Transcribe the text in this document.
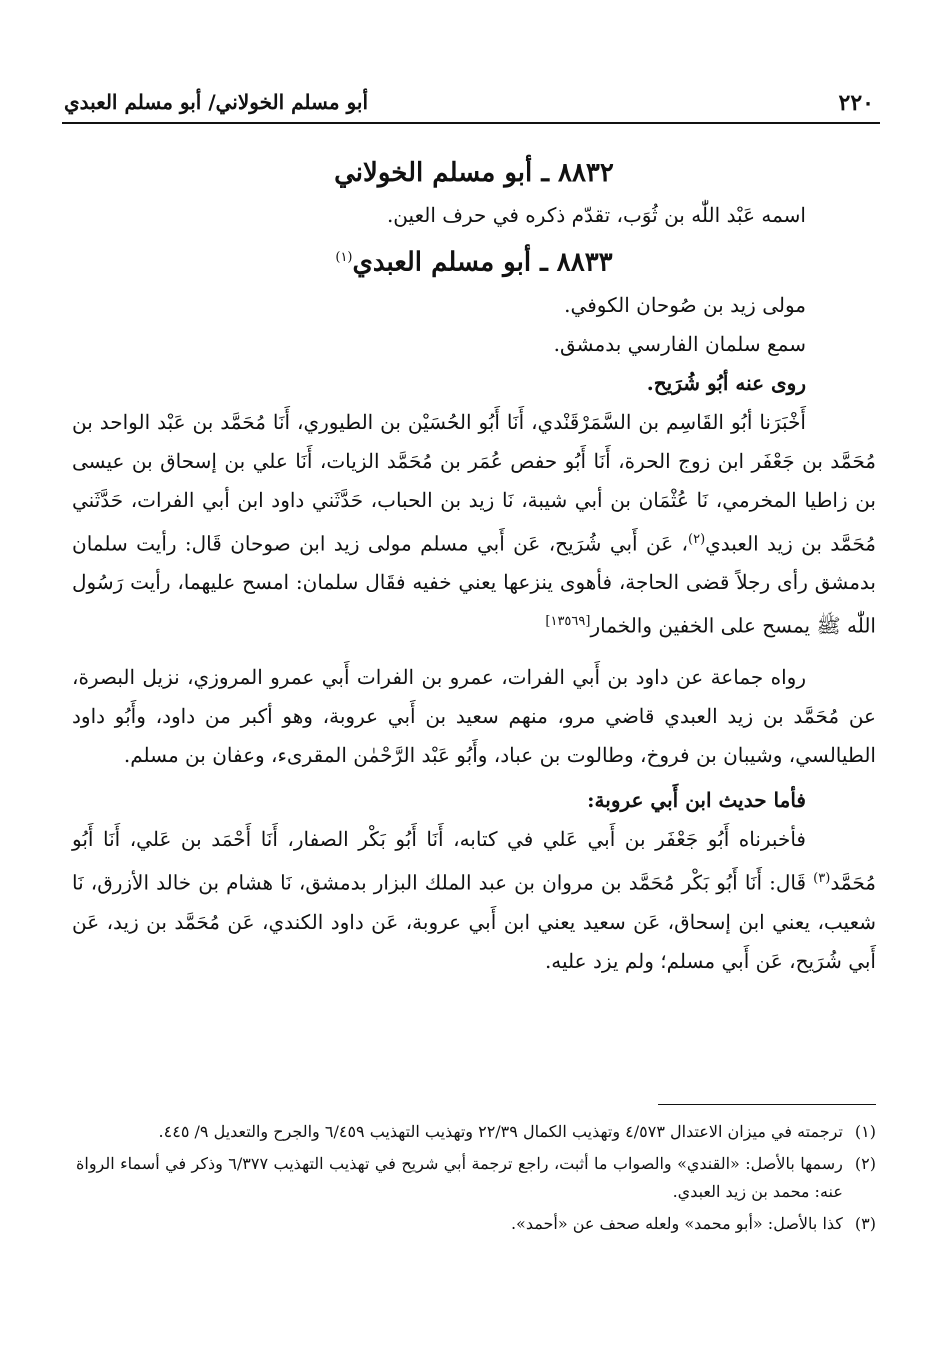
٢٢٠
أبو مسلم الخولاني/ أبو مسلم العبدي

٨٨٣٢ ـ أبو مسلم الخولاني

اسمه عَبْد اللّٰه بن ثُوَب، تقدّم ذكره في حرف العين.

٨٨٣٣ ـ أبو مسلم العبدي$^{(١)}$

مولى زيد بن صُوحان الكوفي.

سمع سلمان الفارسي بدمشق.

روى عنه أبُو شُرَيح.

أَخْبَرَنا أبُو القَاسِم بن السَّمَرْقَنْدي، أَنَا أَبُو الحُسَيْن بن الطيوري، أَنَا مُحَمَّد بن عَبْد الواحد بن مُحَمَّد بن جَعْفَر ابن زوج الحرة، أَنَا أَبُو حفص عُمَر بن مُحَمَّد الزيات، أَنَا علي بن إسحاق بن عيسى بن زاطيا المخرمي، نَا عُثْمَان بن أبي شيبة، نَا زيد بن الحباب، حَدَّثَني داود ابن أبي الفرات، حَدَّثَني مُحَمَّد بن زيد العبدي$^{(٢)}$، عَن أَبي شُرَيح، عَن أَبي مسلم مولى زيد ابن صوحان قَال: رأيت سلمان بدمشق رأى رجلاً قضى الحاجة، فأهوى ينزعها يعني خفيه فقَال سلمان: امسح عليهما، رأيت رَسُول اللّٰه ﷺ يمسح على الخفين والخمار[١٣٥٦٩]

رواه جماعة عن داود بن أَبي الفرات، عمرو بن الفرات أَبي عمرو المروزي، نزيل البصرة، عن مُحَمَّد بن زيد العبدي قاضي مرو، منهم سعيد بن أَبي عروبة، وهو أكبر من داود، وأَبُو داود الطيالسي، وشيبان بن فروخ، وطالوت بن عباد، وأَبُو عَبْد الرَّحْمٰن المقرىء، وعفان بن مسلم.

فأما حديث ابن أَبي عروبة:

فأخبرناه أَبُو جَعْفَر بن أَبي عَلي في كتابه، أَنَا أَبُو بَكْر الصفار، أَنَا أَحْمَد بن عَلي، أَنَا أَبُو مُحَمَّد$^{(٣)}$ قَال: أَنَا أَبُو بَكْر مُحَمَّد بن مروان بن عبد الملك البزار بدمشق، نَا هشام بن خالد الأزرق، نَا شعيب، يعني ابن إسحاق، عَن سعيد يعني ابن أَبي عروبة، عَن داود الكندي، عَن مُحَمَّد بن زيد، عَن أَبي شُرَيح، عَن أَبي مسلم؛ ولم يزد عليه.

(١)
ترجمته في ميزان الاعتدال ٤/٥٧٣ وتهذيب الكمال ٢٢/٣٩ وتهذيب التهذيب ٦/٤٥٩ والجرح والتعديل ٩/ ٤٤٥.
(٢)
رسمها بالأصل: «القندي» والصواب ما أثبت، راجع ترجمة أبي شريح في تهذيب التهذيب ٦/٣٧٧ وذكر في أسماء الرواة عنه: محمد بن زيد العبدي.
(٣)
كذا بالأصل: «أبو محمد» ولعله صحف عن «أحمد».
